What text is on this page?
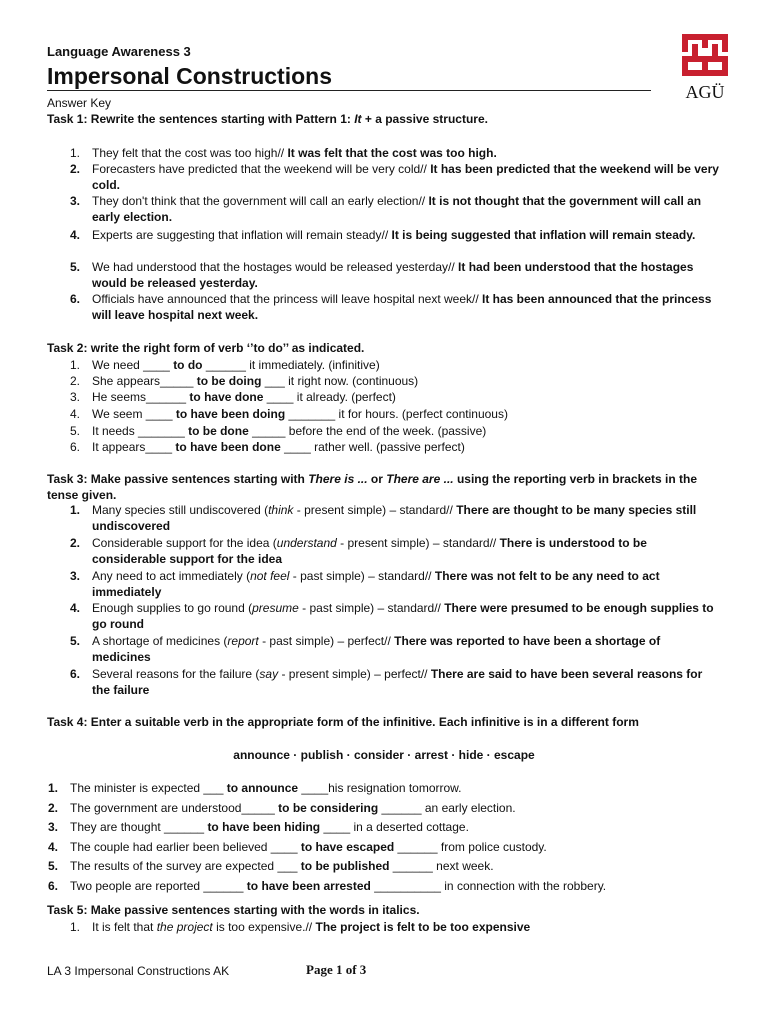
Language Awareness 3
Impersonal Constructions
Answer Key
AGÜ
Task 1: Rewrite the sentences starting with Pattern 1: It + a passive structure.
1. They felt that the cost was too high// It was felt that the cost was too high.
2. Forecasters have predicted that the weekend will be very cold// It has been predicted that the weekend will be very cold.
3. They don't think that the government will call an early election// It is not thought that the government will call an early election.
4. Experts are suggesting that inflation will remain steady// It is being suggested that inflation will remain steady.
5. We had understood that the hostages would be released yesterday// It had been understood that the hostages would be released yesterday.
6. Officials have announced that the princess will leave hospital next week// It has been announced that the princess will leave hospital next week.
Task 2: write the right form of verb ‘’to do’’ as indicated.
1. We need ____ to do ______ it immediately. (infinitive)
2. She appears_____ to be doing ___ it right now. (continuous)
3. He seems______ to have done ____ it already. (perfect)
4. We seem ____ to have been doing _______ it for hours. (perfect continuous)
5. It needs _______ to be done _____ before the end of the week. (passive)
6. It appears____ to have been done ____ rather well. (passive perfect)
Task 3: Make passive sentences starting with There is ... or There are ... using the reporting verb in brackets in the tense given.
1. Many species still undiscovered (think - present simple) – standard// There are thought to be many species still undiscovered
2. Considerable support for the idea (understand - present simple) – standard// There is understood to be considerable support for the idea
3. Any need to act immediately (not feel - past simple) – standard// There was not felt to be any need to act immediately
4. Enough supplies to go round (presume - past simple) – standard// There were presumed to be enough supplies to go round
5. A shortage of medicines (report - past simple) – perfect// There was reported to have been a shortage of medicines
6. Several reasons for the failure (say - present simple) – perfect// There are said to have been several reasons for the failure
Task 4: Enter a suitable verb in the appropriate form of the infinitive. Each infinitive is in a different form
announce · publish · consider · arrest · hide · escape
1. The minister is expected ___ to announce ____his resignation tomorrow.
2. The government are understood_____ to be considering ______ an early election.
3. They are thought ______ to have been hiding ____ in a deserted cottage.
4. The couple had earlier been believed ____ to have escaped ______ from police custody.
5. The results of the survey are expected ___ to be published ______ next week.
6. Two people are reported ______ to have been arrested __________ in connection with the robbery.
Task 5: Make passive sentences starting with the words in italics.
1. It is felt that the project is too expensive.// The project is felt to be too expensive
LA 3 Impersonal Constructions AK	Page 1 of 3
